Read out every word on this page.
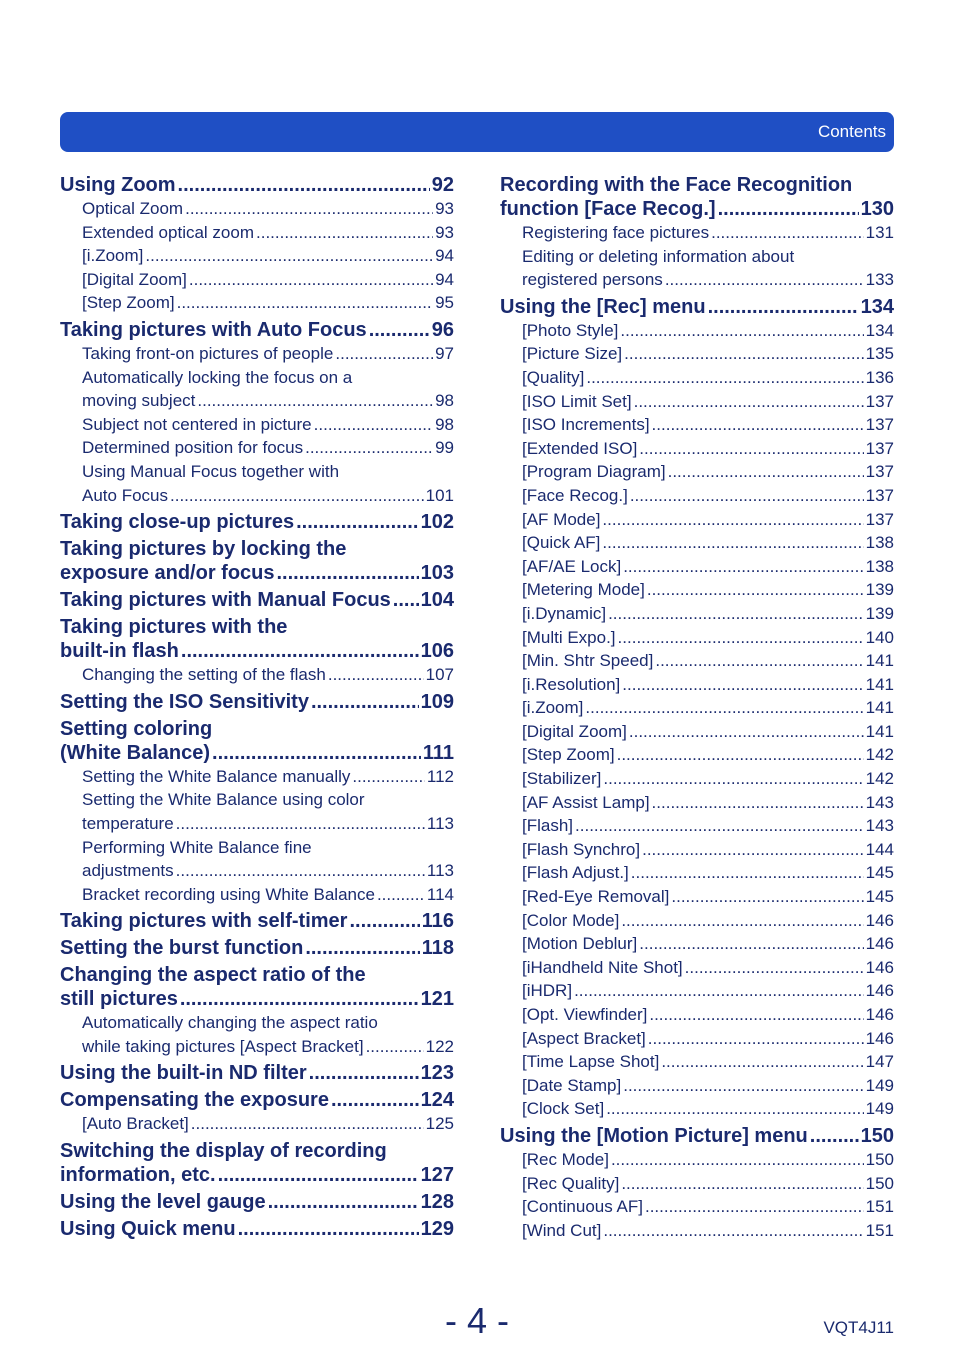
Contents
Using Zoom .....	92
Optical Zoom .....	93
Extended optical zoom .....	93
[i.Zoom] .....	94
[Digital Zoom] .....	94
[Step Zoom] .....	95
Taking pictures with Auto Focus .....	96
Taking front-on pictures of people .....	97
Automatically locking the focus on a
moving subject .....	98
Subject not centered in picture .....	98
Determined position for focus .....	99
Using Manual Focus together with
Auto Focus .....	101
Taking close-up pictures .....	102
Taking pictures by locking the
exposure and/or focus .....	103
Taking pictures with Manual Focus ..... 104
Taking pictures with the
built-in flash .....	106
Changing the setting of the flash .....	107
Setting the ISO Sensitivity .....	109
Setting coloring
(White Balance) .....	111
Setting the White Balance manually .....	112
Setting the White Balance using color
temperature .....	113
Performing White Balance fine
adjustments .....	113
Bracket recording using White Balance .....	114
Taking pictures with self-timer .....	116
Setting the burst function .....	118
Changing the aspect ratio of the
still pictures .....	121
Automatically changing the aspect ratio
while taking pictures [Aspect Bracket] .....	122
Using the built-in ND filter .....	123
Compensating the exposure .....	124
[Auto Bracket] .....	125
Switching the display of recording
information, etc. .....	127
Using the level gauge .....	128
Using Quick menu .....	129
Recording with the Face Recognition
function [Face Recog.] .....	130
Registering face pictures .....	131
Editing or deleting information about
registered persons .....	133
Using the [Rec] menu .....	134
[Photo Style] .....	134
[Picture Size] .....	135
[Quality] .....	136
[ISO Limit Set] .....	137
[ISO Increments] .....	137
[Extended ISO] .....	137
[Program Diagram] .....	137
[Face Recog.] .....	137
[AF Mode] .....	137
[Quick AF] .....	138
[AF/AE Lock] .....	138
[Metering Mode] .....	139
[i.Dynamic] .....	139
[Multi Expo.] .....	140
[Min. Shtr Speed] .....	141
[i.Resolution] .....	141
[i.Zoom] .....	141
[Digital Zoom] .....	141
[Step Zoom] .....	142
[Stabilizer] .....	142
[AF Assist Lamp] .....	143
[Flash] .....	143
[Flash Synchro] .....	144
[Flash Adjust.] .....	145
[Red-Eye Removal] .....	145
[Color Mode] .....	146
[Motion Deblur] .....	146
[iHandheld Nite Shot] .....	146
[iHDR] .....	146
[Opt. Viewfinder] .....	146
[Aspect Bracket] .....	146
[Time Lapse Shot] .....	147
[Date Stamp] .....	149
[Clock Set] .....	149
Using the [Motion Picture] menu .....	150
[Rec Mode] .....	150
[Rec Quality] .....	150
[Continuous AF] .....	151
[Wind Cut] .....	151
- 4 -	VQT4J11
